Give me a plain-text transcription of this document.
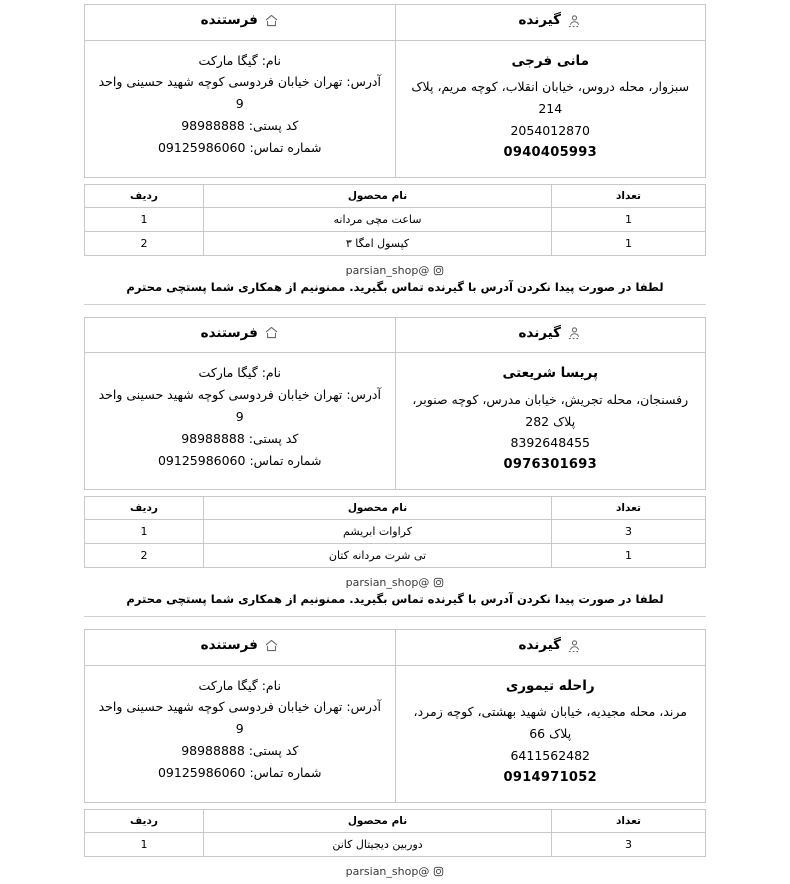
گیرنده	فرستنده

مانی فرجی
سبزوار، محله دروس، خیابان انقلاب، کوچه مریم، پلاک 214
2054012870
0940405993

نام: گیگا مارکت
آدرس: تهران خیابان فردوسی کوچه شهید حسینی واحد 9
کد پستی: 98988888
شماره تماس: 09125986060
تعداد	نام محصول	ردیف
1	ساعت مچی مردانه	1
1	کپسول امگا ۳	2
parsian_shop@
لطفا در صورت پیدا نکردن آدرس با گیرنده تماس بگیرید. ممنونیم از همکاری شما پستچی محترم
گیرنده	فرستنده

پریسا شریعتی
رفسنجان، محله تجریش، خیابان مدرس، کوچه صنوبر، پلاک 282
8392648455
0976301693

نام: گیگا مارکت
آدرس: تهران خیابان فردوسی کوچه شهید حسینی واحد 9
کد پستی: 98988888
شماره تماس: 09125986060
تعداد	نام محصول	ردیف
3	کراوات ابریشم	1
1	تی شرت مردانه کتان	2
parsian_shop@
لطفا در صورت پیدا نکردن آدرس با گیرنده تماس بگیرید. ممنونیم از همکاری شما پستچی محترم
گیرنده	فرستنده

راحله تیموری
مرند، محله مجیدیه، خیابان شهید بهشتی، کوچه زمرد، پلاک 66
6411562482
0914971052

نام: گیگا مارکت
آدرس: تهران خیابان فردوسی کوچه شهید حسینی واحد 9
کد پستی: 98988888
شماره تماس: 09125986060
تعداد	نام محصول	ردیف
3	دوربین دیجیتال کانن	1
parsian_shop@
